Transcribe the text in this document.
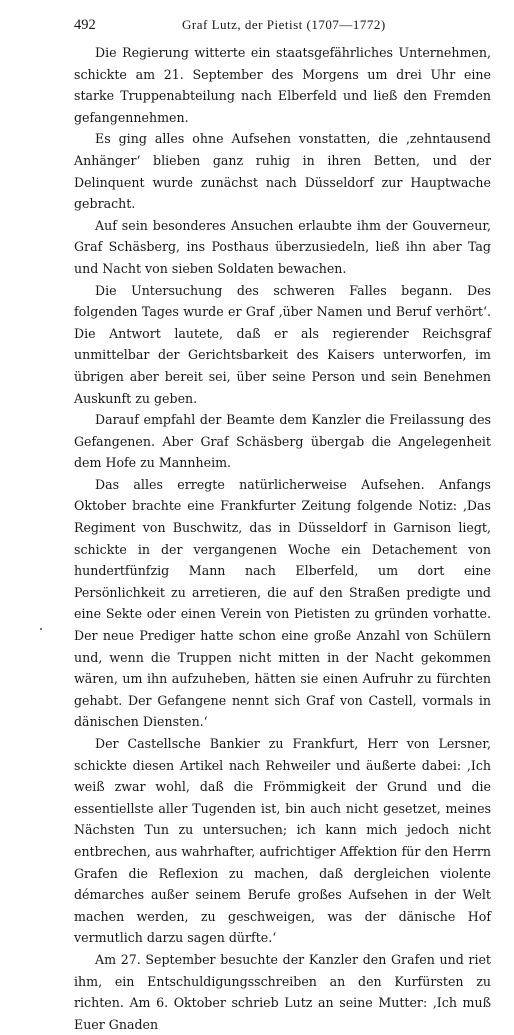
492	Graf Lutz, der Pietist (1707—1772)

Die Regierung witterte ein staatsgefährliches Unternehmen, schickte am 21. September des Morgens um drei Uhr eine starke Truppenabteilung nach Elberfeld und ließ den Fremden gefangennehmen.

Es ging alles ohne Aufsehen vonstatten, die ‚zehntausend Anhänger‘ blieben ganz ruhig in ihren Betten, und der Delinquent wurde zunächst nach Düsseldorf zur Hauptwache gebracht.

Auf sein besonderes Ansuchen erlaubte ihm der Gouverneur, Graf Schäsberg, ins Posthaus überzusiedeln, ließ ihn aber Tag und Nacht von sieben Soldaten bewachen.

Die Untersuchung des schweren Falles begann. Des folgenden Tages wurde er Graf ‚über Namen und Beruf verhört‘. Die Antwort lautete, daß er als regierender Reichsgraf unmittelbar der Gerichtsbarkeit des Kaisers unterworfen, im übrigen aber bereit sei, über seine Person und sein Benehmen Auskunft zu geben.

Darauf empfahl der Beamte dem Kanzler die Freilassung des Gefangenen. Aber Graf Schäsberg übergab die Angelegenheit dem Hofe zu Mannheim.

Das alles erregte natürlicherweise Aufsehen. Anfangs Oktober brachte eine Frankfurter Zeitung folgende Notiz: ‚Das Regiment von Buschwitz, das in Düsseldorf in Garnison liegt, schickte in der vergangenen Woche ein Detachement von hundertfünfzig Mann nach Elberfeld, um dort eine Persönlichkeit zu arretieren, die auf den Straßen predigte und eine Sekte oder einen Verein von Pietisten zu gründen vorhatte. Der neue Prediger hatte schon eine große Anzahl von Schülern und, wenn die Truppen nicht mitten in der Nacht gekommen wären, um ihn aufzuheben, hätten sie einen Aufruhr zu fürchten gehabt. Der Gefangene nennt sich Graf von Castell, vormals in dänischen Diensten.‘

Der Castellsche Bankier zu Frankfurt, Herr von Lersner, schickte diesen Artikel nach Rehweiler und äußerte dabei: ‚Ich weiß zwar wohl, daß die Frömmigkeit der Grund und die essentiellste aller Tugenden ist, bin auch nicht gesetzet, meines Nächsten Tun zu untersuchen; ich kann mich jedoch nicht entbrechen, aus wahrhafter, aufrichtiger Affektion für den Herrn Grafen die Reflexion zu machen, daß dergleichen violente démarches außer seinem Berufe großes Aufsehen in der Welt machen werden, zu geschweigen, was der dänische Hof vermutlich darzu sagen dürfte.‘

Am 27. September besuchte der Kanzler den Grafen und riet ihm, ein Entschuldigungsschreiben an den Kurfürsten zu richten. Am 6. Oktober schrieb Lutz an seine Mutter: ‚Ich muß Euer Gnaden
